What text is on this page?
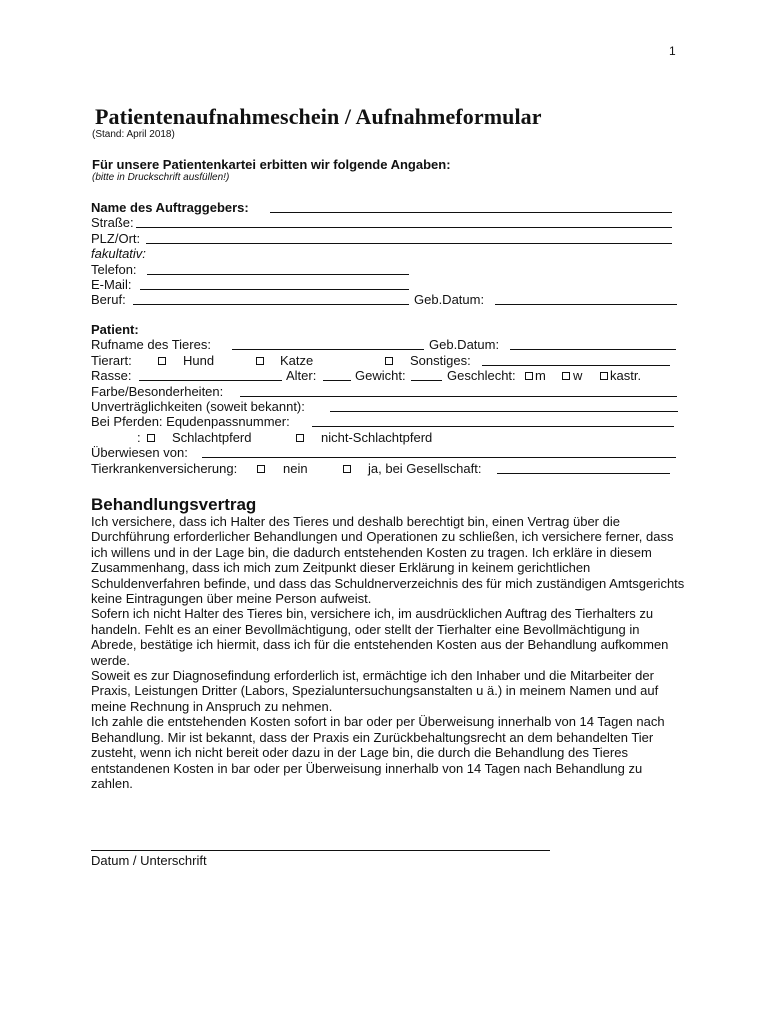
1
Patientenaufnahmeschein / Aufnahmeformular
(Stand: April 2018)
Für unsere Patientenkartei erbitten wir folgende Angaben:
(bitte in Druckschrift ausfüllen!)
Name des Auftraggebers:
Straße:
PLZ/Ort:
fakultativ:
Telefon:
E-Mail:
Beruf:	Geb.Datum:
Patient:
Rufname des Tieres:	Geb.Datum:
Tierart:	Hund	Katze	Sonstiges:
Rasse:	Alter:	Gewicht:	Geschlecht: m w kastr.
Farbe/Besonderheiten:
Unverträglichkeiten (soweit bekannt):
Bei Pferden: Equdenpassnummer:
: Schlachtpferd	nicht-Schlachtpferd
Überwiesen von:
Tierkrankenversicherung:	nein	ja, bei Gesellschaft:
Behandlungsvertrag

Ich versichere, dass ich Halter des Tieres und deshalb berechtigt bin, einen Vertrag über die Durchführung erforderlicher Behandlungen und Operationen zu schließen, ich versichere ferner, dass ich willens und in der Lage bin, die dadurch entstehenden Kosten zu tragen. Ich erkläre in diesem Zusammenhang, dass ich mich zum Zeitpunkt dieser Erklärung in keinem gerichtlichen Schuldenverfahren befinde, und dass das Schuldnerverzeichnis des für mich zuständigen Amtsgerichts keine Eintragungen über meine Person aufweist.

Sofern ich nicht Halter des Tieres bin, versichere ich, im ausdrücklichen Auftrag des Tierhalters zu handeln. Fehlt es an einer Bevollmächtigung, oder stellt der Tierhalter eine Bevollmächtigung in Abrede, bestätige ich hiermit, dass ich für die entstehenden Kosten aus der Behandlung aufkommen werde.

Soweit es zur Diagnosefindung erforderlich ist, ermächtige ich den Inhaber und die Mitarbeiter der Praxis, Leistungen Dritter (Labors, Spezialuntersuchungsanstalten u ä.) in meinem Namen und auf meine Rechnung in Anspruch zu nehmen.

Ich zahle die entstehenden Kosten sofort in bar oder per Überweisung innerhalb von 14 Tagen nach Behandlung. Mir ist bekannt, dass der Praxis ein Zurückbehaltungsrecht an dem behandelten Tier zusteht, wenn ich nicht bereit oder dazu in der Lage bin, die durch die Behandlung des Tieres entstandenen Kosten in bar oder per Überweisung innerhalb von 14 Tagen nach Behandlung zu zahlen.

Datum / Unterschrift
